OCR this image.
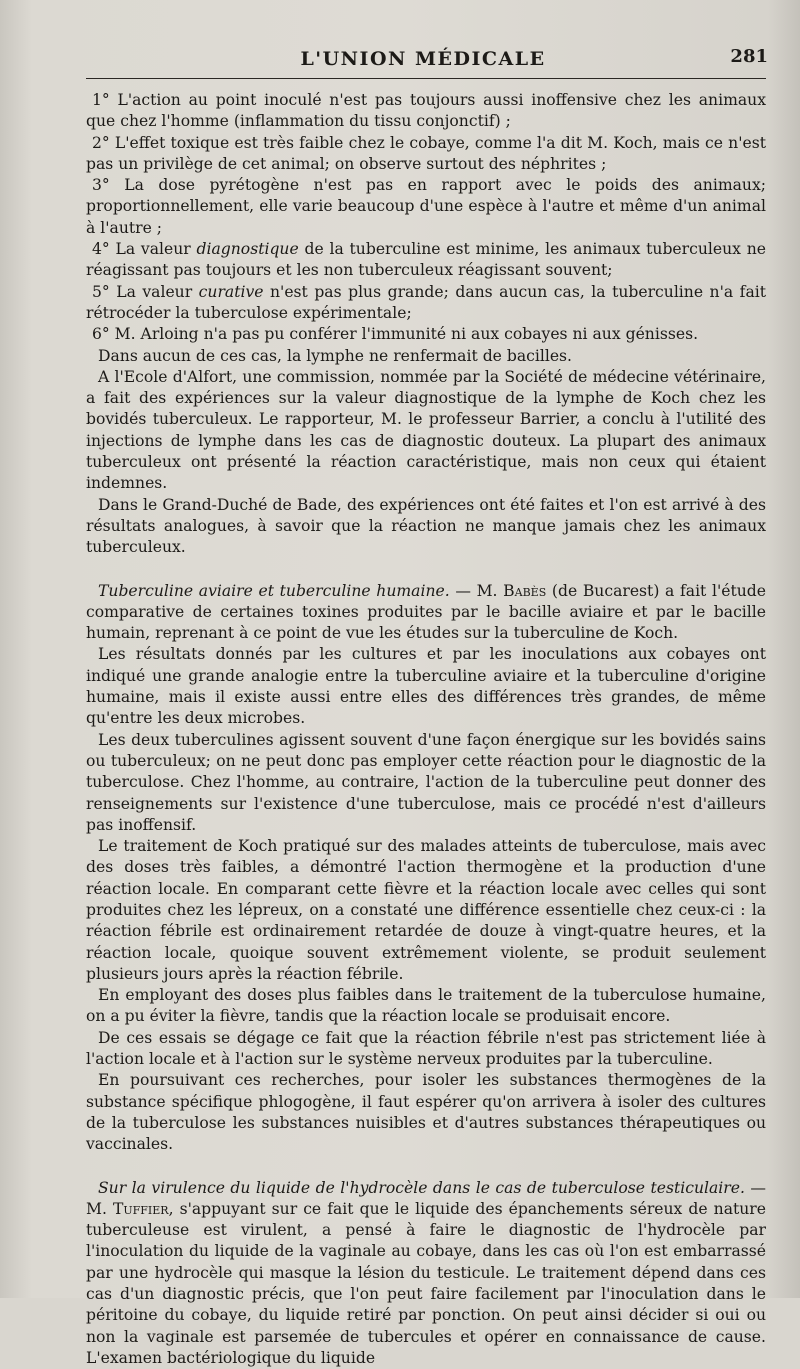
L'UNION MÉDICALE	281

1° L'action au point inoculé n'est pas toujours aussi inoffensive chez les animaux que chez l'homme (inflammation du tissu conjonctif) ;

2° L'effet toxique est très faible chez le cobaye, comme l'a dit M. Koch, mais ce n'est pas un privilège de cet animal; on observe surtout des néphrites ;

3° La dose pyrétogène n'est pas en rapport avec le poids des animaux; proportionnellement, elle varie beaucoup d'une espèce à l'autre et même d'un animal à l'autre ;

4° La valeur diagnostique de la tuberculine est minime, les animaux tuberculeux ne réagissant pas toujours et les non tuberculeux réagissant souvent;

5° La valeur curative n'est pas plus grande; dans aucun cas, la tuberculine n'a fait rétrocéder la tuberculose expérimentale;

6° M. Arloing n'a pas pu conférer l'immunité ni aux cobayes ni aux génisses.

Dans aucun de ces cas, la lymphe ne renfermait de bacilles.

A l'Ecole d'Alfort, une commission, nommée par la Société de médecine vétérinaire, a fait des expériences sur la valeur diagnostique de la lymphe de Koch chez les bovidés tuberculeux. Le rapporteur, M. le professeur Barrier, a conclu à l'utilité des injections de lymphe dans les cas de diagnostic douteux. La plupart des animaux tuberculeux ont présenté la réaction caractéristique, mais non ceux qui étaient indemnes.

Dans le Grand-Duché de Bade, des expériences ont été faites et l'on est arrivé à des résultats analogues, à savoir que la réaction ne manque jamais chez les animaux tuberculeux.

Tuberculine aviaire et tuberculine humaine. — M. Babès (de Bucarest) a fait l'étude comparative de certaines toxines produites par le bacille aviaire et par le bacille humain, reprenant à ce point de vue les études sur la tuberculine de Koch.

Les résultats donnés par les cultures et par les inoculations aux cobayes ont indiqué une grande analogie entre la tuberculine aviaire et la tuberculine d'origine humaine, mais il existe aussi entre elles des différences très grandes, de même qu'entre les deux microbes.

Les deux tuberculines agissent souvent d'une façon énergique sur les bovidés sains ou tuberculeux; on ne peut donc pas employer cette réaction pour le diagnostic de la tuberculose. Chez l'homme, au contraire, l'action de la tuberculine peut donner des renseignements sur l'existence d'une tuberculose, mais ce procédé n'est d'ailleurs pas inoffensif.

Le traitement de Koch pratiqué sur des malades atteints de tuberculose, mais avec des doses très faibles, a démontré l'action thermogène et la production d'une réaction locale. En comparant cette fièvre et la réaction locale avec celles qui sont produites chez les lépreux, on a constaté une différence essentielle chez ceux-ci : la réaction fébrile est ordinairement retardée de douze à vingt-quatre heures, et la réaction locale, quoique souvent extrêmement violente, se produit seulement plusieurs jours après la réaction fébrile.

En employant des doses plus faibles dans le traitement de la tuberculose humaine, on a pu éviter la fièvre, tandis que la réaction locale se produisait encore.

De ces essais se dégage ce fait que la réaction fébrile n'est pas strictement liée à l'action locale et à l'action sur le système nerveux produites par la tuberculine.

En poursuivant ces recherches, pour isoler les substances thermogènes de la substance spécifique phlogogène, il faut espérer qu'on arrivera à isoler des cultures de la tuberculose les substances nuisibles et d'autres substances thérapeutiques ou vaccinales.

Sur la virulence du liquide de l'hydrocèle dans le cas de tuberculose testiculaire. — M. Tuffier, s'appuyant sur ce fait que le liquide des épanchements séreux de nature tuberculeuse est virulent, a pensé à faire le diagnostic de l'hydrocèle par l'inoculation du liquide de la vaginale au cobaye, dans les cas où l'on est embarrassé par une hydrocèle qui masque la lésion du testicule. Le traitement dépend dans ces cas d'un diagnostic précis, que l'on peut faire facilement par l'inoculation dans le péritoine du cobaye, du liquide retiré par ponction. On peut ainsi décider si oui ou non la vaginale est parsemée de tubercules et opérer en connaissance de cause. L'examen bactériologique du liquide
